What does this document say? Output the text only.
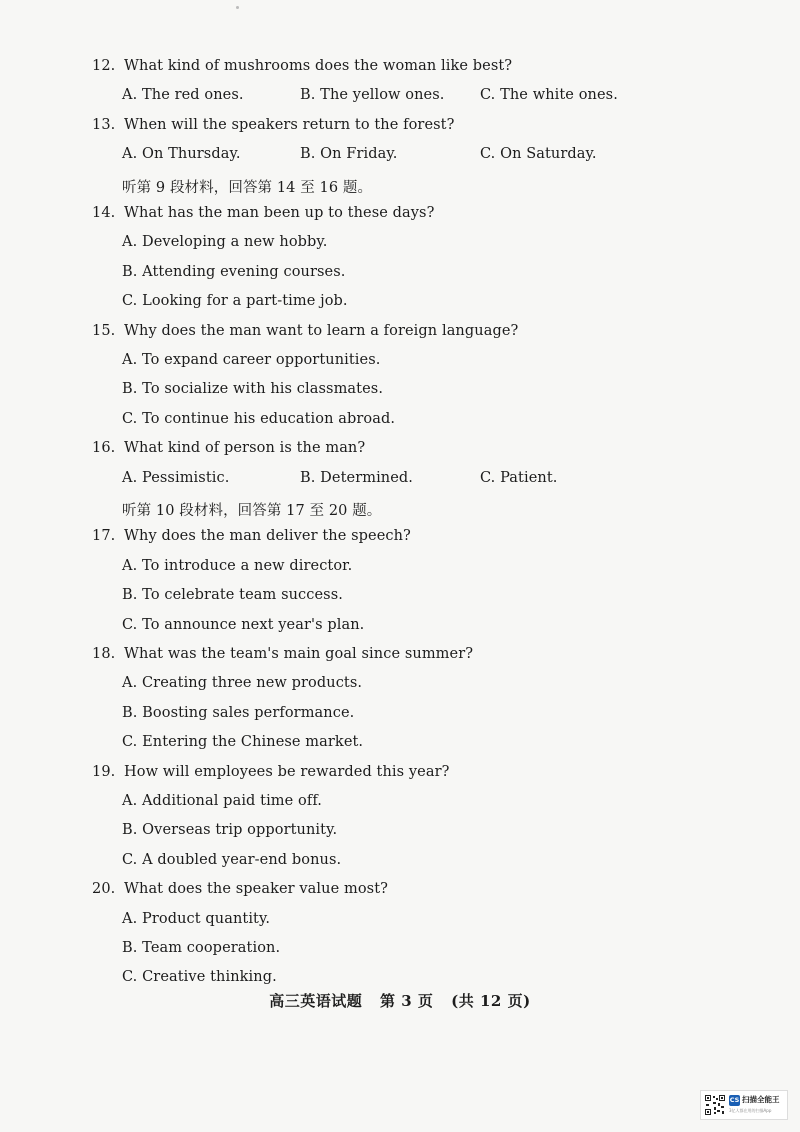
12. What kind of mushrooms does the woman like best?
A. The red ones.	B. The yellow ones. C. The white ones.
13. When will the speakers return to the forest?
A. On Thursday.	B. On Friday.	C. On Saturday.
听第 9 段材料，回答第 14 至 16 题。
14. What has the man been up to these days?
A. Developing a new hobby.
B. Attending evening courses.
C. Looking for a part-time job.
15. Why does the man want to learn a foreign language?
A. To expand career opportunities.
B. To socialize with his classmates.
C. To continue his education abroad.
16. What kind of person is the man?
A. Pessimistic.	B. Determined.	C. Patient.
听第 10 段材料，回答第 17 至 20 题。
17. Why does the man deliver the speech?
A. To introduce a new director.
B. To celebrate team success.
C. To announce next year's plan.
18. What was the team's main goal since summer?
A. Creating three new products.
B. Boosting sales performance.
C. Entering the Chinese market.
19. How will employees be rewarded this year?
A. Additional paid time off.
B. Overseas trip opportunity.
C. A doubled year-end bonus.
20. What does the speaker value most?
A. Product quantity.
B. Team cooperation.
C. Creative thinking.
高三英语试题 第 3 页 (共 12 页)
CS 扫描全能王
3亿人都在用的扫描App
